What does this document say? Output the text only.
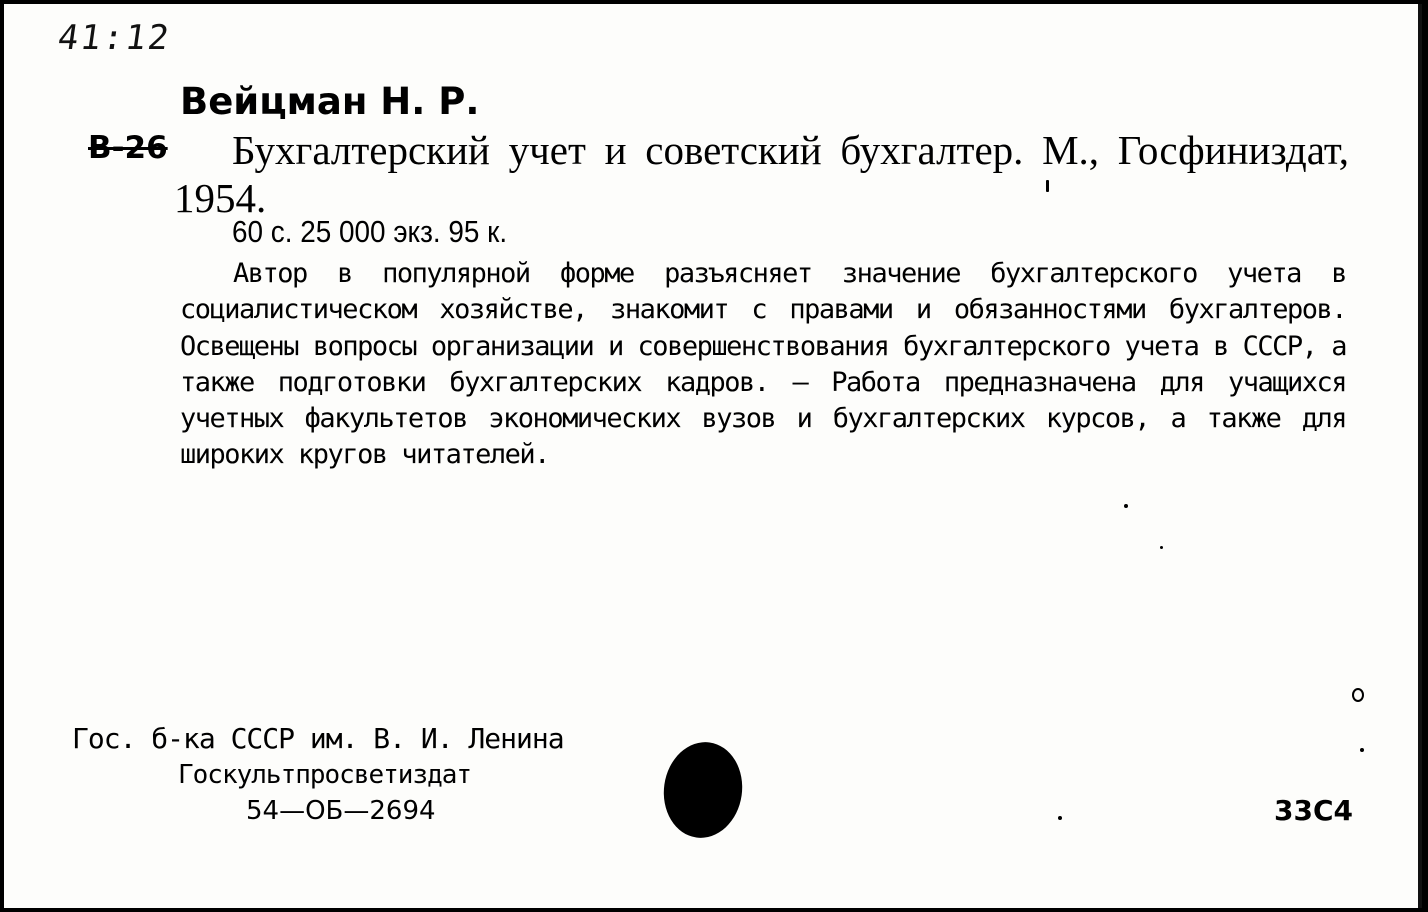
41:12
Вейцман Н. Р.
В-26	Бухгалтерский учет и советский бухгалтер. М., Госфиниздат, 1954.
60 с. 25 000 экз. 95 к.
Автор в популярной форме разъясняет значение бухгалтерского учета в социалистическом хозяйстве, знакомит с правами и обязанностями бухгалтеров. Освещены вопросы организации и совершенствования бухгалтерского учета в СССР, а также подготовки бухгалтерских кадров. — Работа предназначена для учащихся учетных факультетов экономических вузов и бухгалтерских курсов, а также для широких кругов читателей.
Гос. б-ка СССР им. В. И. Ленина
Госкультпросветиздат
54—ОБ—2694	33С4
